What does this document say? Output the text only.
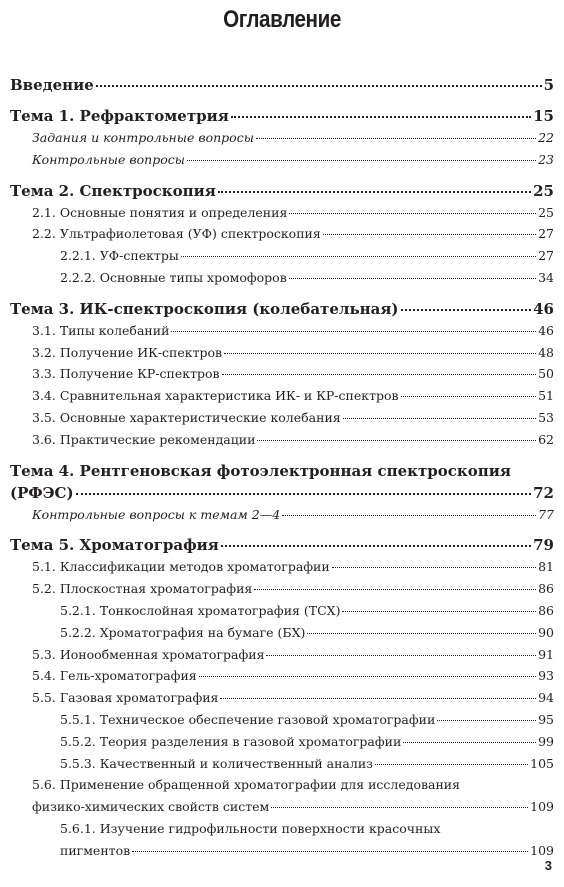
Оглавление
Введение	5
Тема 1. Рефрактометрия	15
Задания и контрольные вопросы	22
Контрольные вопросы	23
Тема 2. Спектроскопия	25
2.1. Основные понятия и определения	25
2.2. Ультрафиолетовая (УФ) спектроскопия	27
2.2.1. УФ-спектры	27
2.2.2. Основные типы хромофоров	34
Тема 3. ИК-спектроскопия (колебательная)	46
3.1. Типы колебаний	46
3.2. Получение ИК-спектров	48
3.3. Получение КР-спектров	50
3.4. Сравнительная характеристика ИК- и КР-спектров	51
3.5. Основные характеристические колебания	53
3.6. Практические рекомендации	62
Тема 4. Рентгеновская фотоэлектронная спектроскопия
(РФЭС)	72
Контрольные вопросы к темам 2—4	77
Тема 5. Хроматография	79
5.1. Классификации методов хроматографии	81
5.2. Плоскостная хроматография	86
5.2.1. Тонкослойная хроматография (ТСХ)	86
5.2.2. Хроматография на бумаге (БХ)	90
5.3. Ионообменная хроматография	91
5.4. Гель-хроматография	93
5.5. Газовая хроматография	94
5.5.1. Техническое обеспечение газовой хроматографии	95
5.5.2. Теория разделения в газовой хроматографии	99
5.5.3. Качественный и количественный анализ	105
5.6. Применение обращенной хроматографии для исследования
физико-химических свойств систем	109
5.6.1. Изучение гидрофильности поверхности красочных
пигментов	109
3
